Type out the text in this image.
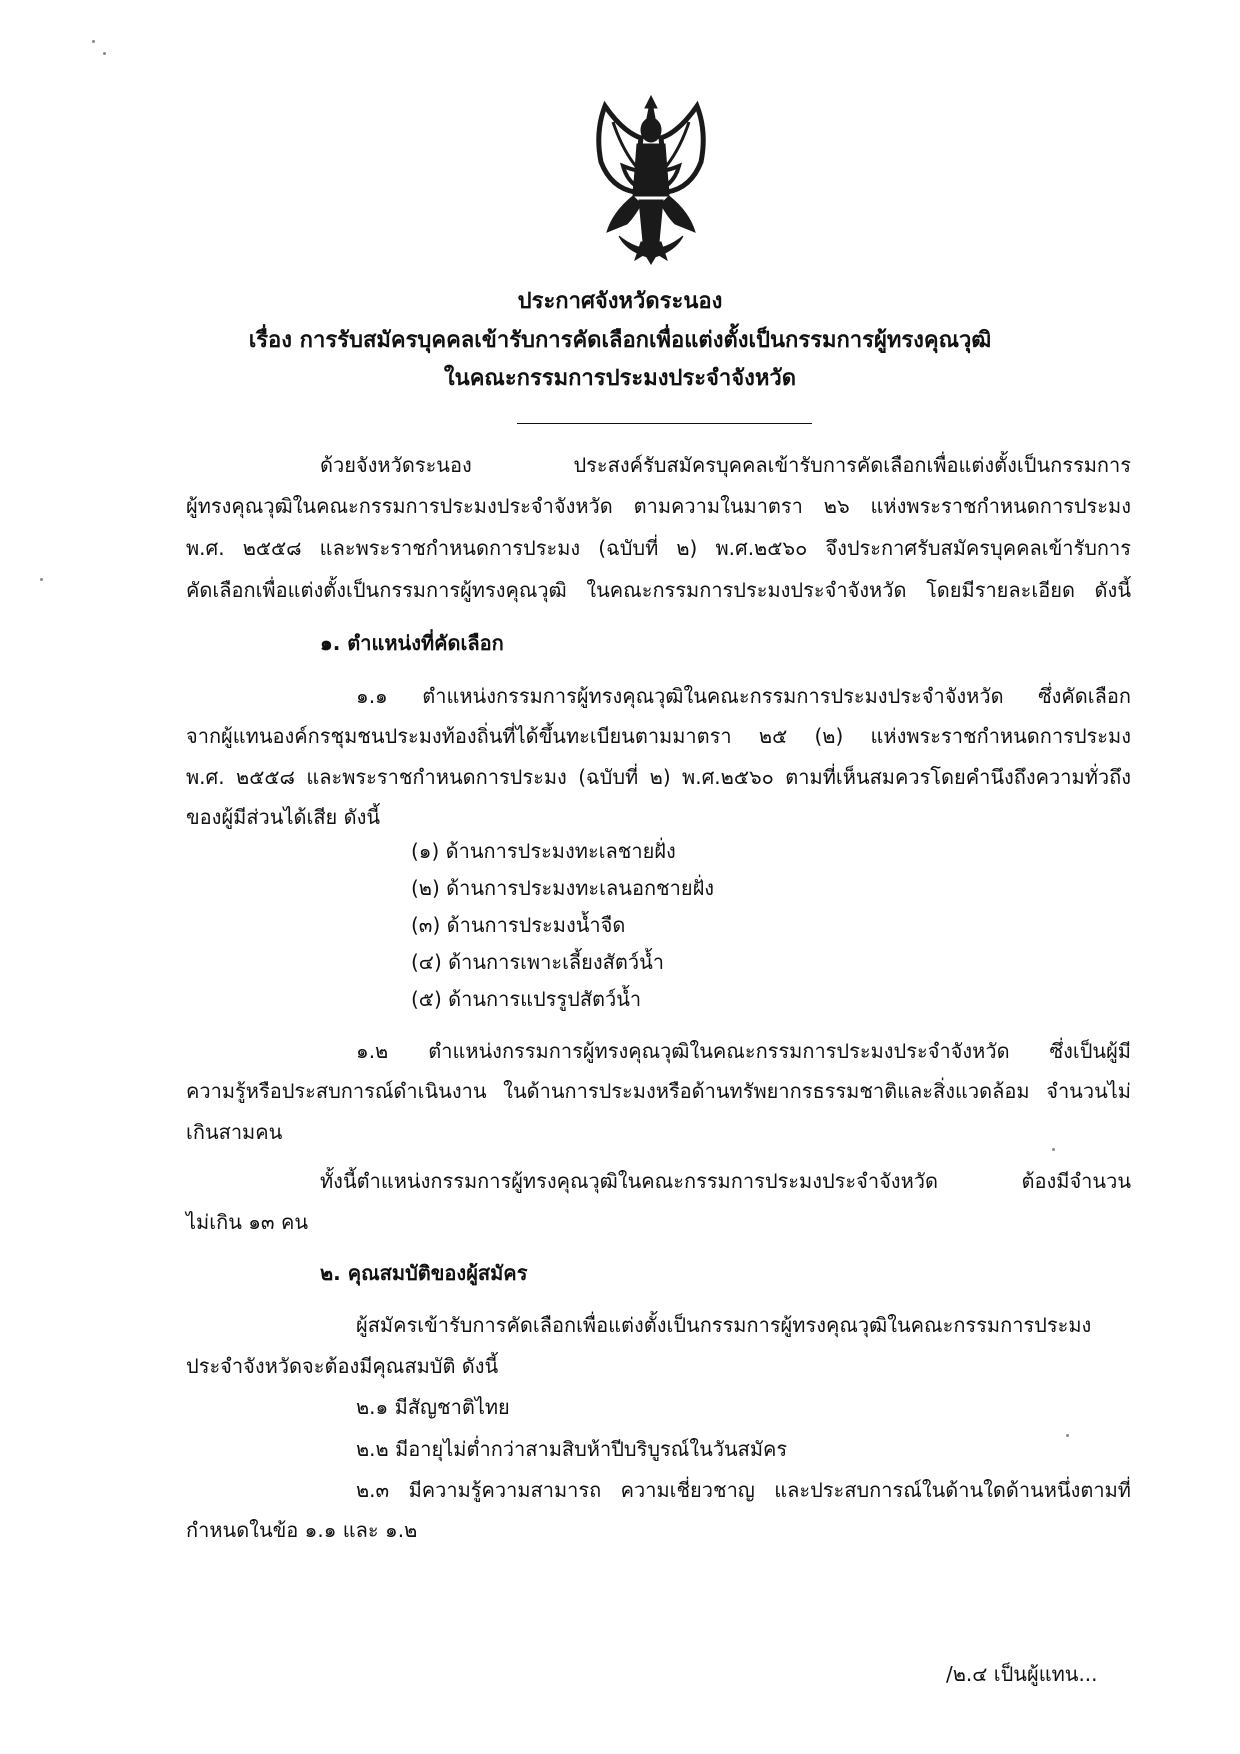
ประกาศจังหวัดระนอง
เรื่อง การรับสมัครบุคคลเข้ารับการคัดเลือกเพื่อแต่งตั้งเป็นกรรมการผู้ทรงคุณวุฒิ
ในคณะกรรมการประมงประจำจังหวัด
ด้วยจังหวัดระนอง ประสงค์รับสมัครบุคคลเข้ารับการคัดเลือกเพื่อแต่งตั้งเป็นกรรมการ
ผู้ทรงคุณวุฒิในคณะกรรมการประมงประจำจังหวัด ตามความในมาตรา ๒๖ แห่งพระราชกำหนดการประมง
พ.ศ. ๒๕๕๘ และพระราชกำหนดการประมง (ฉบับที่ ๒) พ.ศ.๒๕๖๐ จึงประกาศรับสมัครบุคคลเข้ารับการ
คัดเลือกเพื่อแต่งตั้งเป็นกรรมการผู้ทรงคุณวุฒิ ในคณะกรรมการประมงประจำจังหวัด โดยมีรายละเอียด ดังนี้
๑. ตำแหน่งที่คัดเลือก
๑.๑ ตำแหน่งกรรมการผู้ทรงคุณวุฒิในคณะกรรมการประมงประจำจังหวัด ซึ่งคัดเลือก
จากผู้แทนองค์กรชุมชนประมงท้องถิ่นที่ได้ขึ้นทะเบียนตามมาตรา ๒๕ (๒) แห่งพระราชกำหนดการประมง
พ.ศ. ๒๕๕๘ และพระราชกำหนดการประมง (ฉบับที่ ๒) พ.ศ.๒๕๖๐ ตามที่เห็นสมควรโดยคำนึงถึงความทั่วถึง
ของผู้มีส่วนได้เสีย ดังนี้
(๑) ด้านการประมงทะเลชายฝั่ง
(๒) ด้านการประมงทะเลนอกชายฝั่ง
(๓) ด้านการประมงน้ำจืด
(๔) ด้านการเพาะเลี้ยงสัตว์น้ำ
(๕) ด้านการแปรรูปสัตว์น้ำ
๑.๒ ตำแหน่งกรรมการผู้ทรงคุณวุฒิในคณะกรรมการประมงประจำจังหวัด ซึ่งเป็นผู้มี
ความรู้หรือประสบการณ์ดำเนินงาน ในด้านการประมงหรือด้านทรัพยากรธรรมชาติและสิ่งแวดล้อม จำนวนไม่
เกินสามคน
ทั้งนี้ตำแหน่งกรรมการผู้ทรงคุณวุฒิในคณะกรรมการประมงประจำจังหวัด ต้องมีจำนวน
ไม่เกิน ๑๓ คน
๒. คุณสมบัติของผู้สมัคร
ผู้สมัครเข้ารับการคัดเลือกเพื่อแต่งตั้งเป็นกรรมการผู้ทรงคุณวุฒิในคณะกรรมการประมง
ประจำจังหวัดจะต้องมีคุณสมบัติ ดังนี้
๒.๑ มีสัญชาติไทย
๒.๒ มีอายุไม่ต่ำกว่าสามสิบห้าปีบริบูรณ์ในวันสมัคร
๒.๓ มีความรู้ความสามารถ ความเชี่ยวชาญ และประสบการณ์ในด้านใดด้านหนึ่งตามที่
กำหนดในข้อ ๑.๑ และ ๑.๒
/๒.๔ เป็นผู้แทน...
